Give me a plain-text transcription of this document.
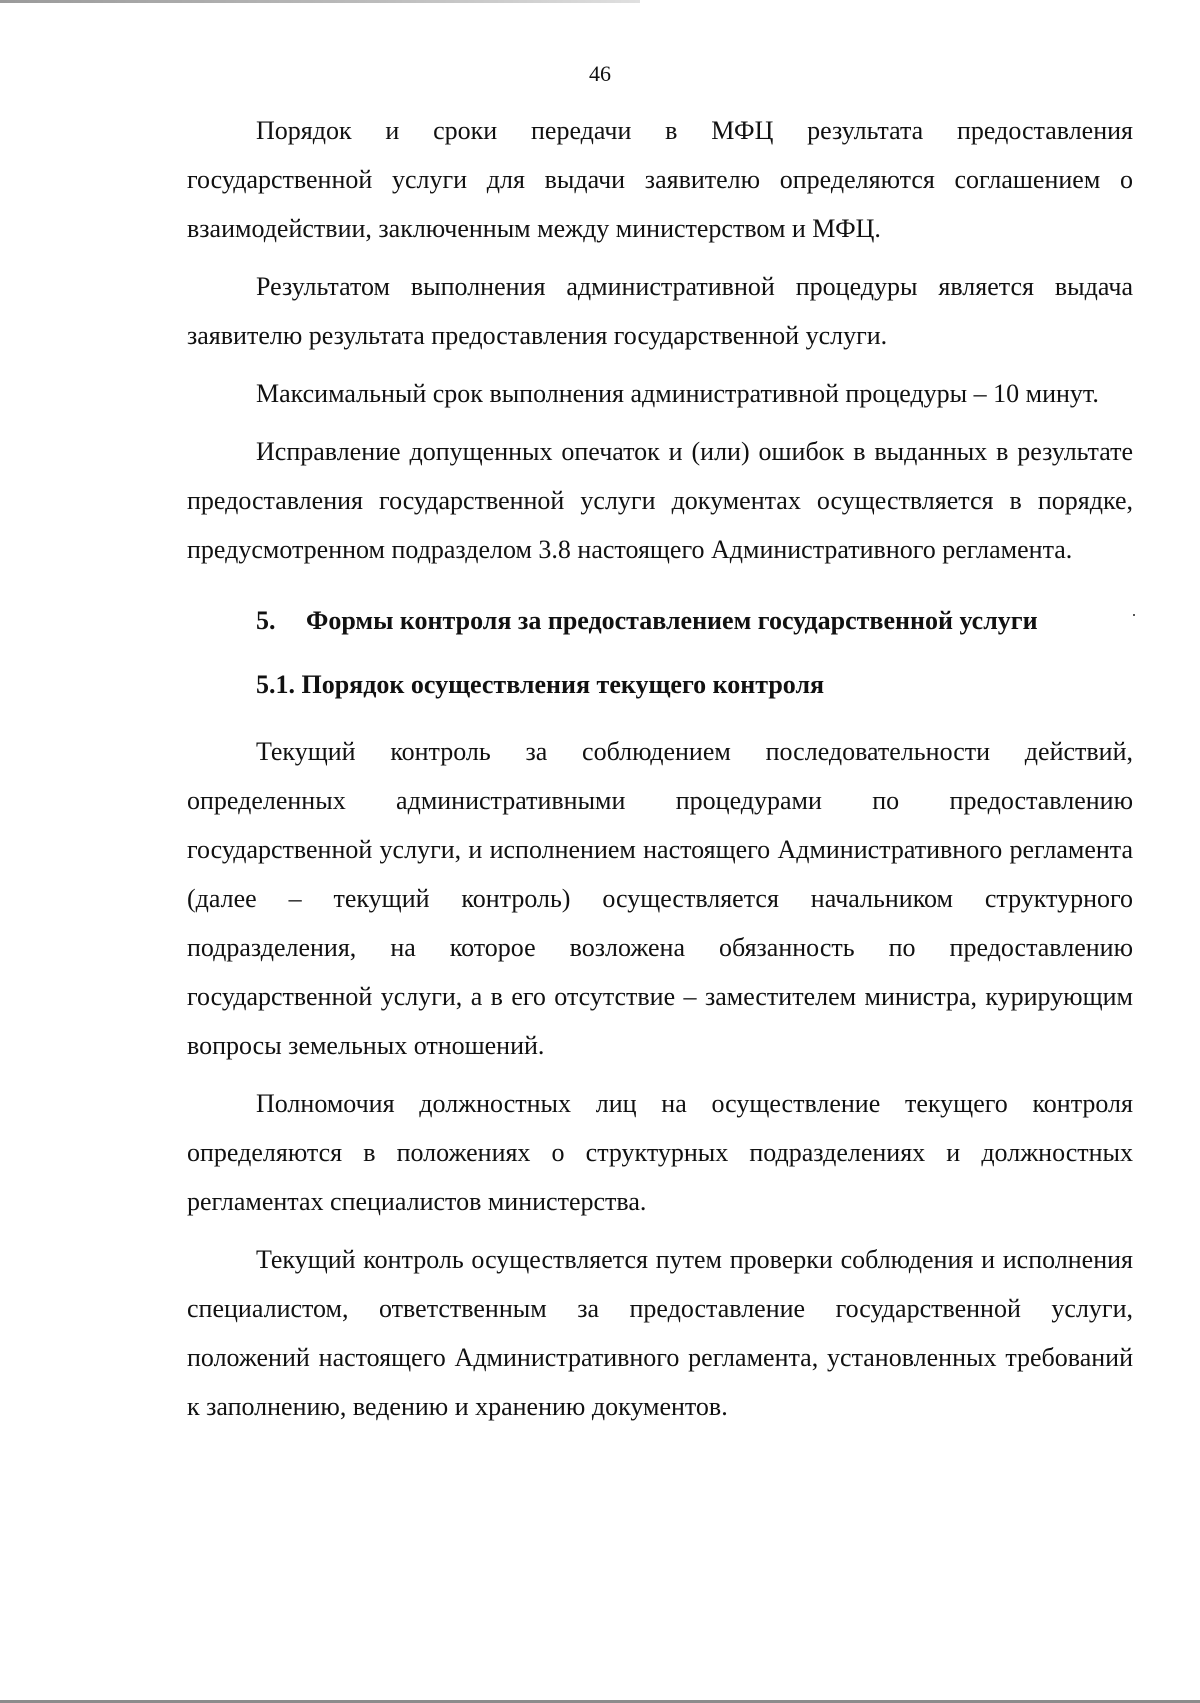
46

Порядок и сроки передачи в МФЦ результата предоставления государственной услуги для выдачи заявителю определяются соглашением о взаимодействии, заключенным между министерством и МФЦ.

Результатом выполнения административной процедуры является выдача заявителю результата предоставления государственной услуги.

Максимальный срок выполнения административной процедуры – 10 минут.

Исправление допущенных опечаток и (или) ошибок в выданных в результате предоставления государственной услуги документах осуществляется в порядке, предусмотренном подразделом 3.8 настоящего Административного регламента.

5. Формы контроля за предоставлением государственной услуги
5.1. Порядок осуществления текущего контроля

Текущий контроль за соблюдением последовательности действий, определенных административными процедурами по предоставлению государственной услуги, и исполнением настоящего Административного регламента (далее – текущий контроль) осуществляется начальником структурного подразделения, на которое возложена обязанность по предоставлению государственной услуги, а в его отсутствие – заместителем министра, курирующим вопросы земельных отношений.

Полномочия должностных лиц на осуществление текущего контроля определяются в положениях о структурных подразделениях и должностных регламентах специалистов министерства.

Текущий контроль осуществляется путем проверки соблюдения и исполнения специалистом, ответственным за предоставление государственной услуги, положений настоящего Административного регламента, установленных требований к заполнению, ведению и хранению документов.
